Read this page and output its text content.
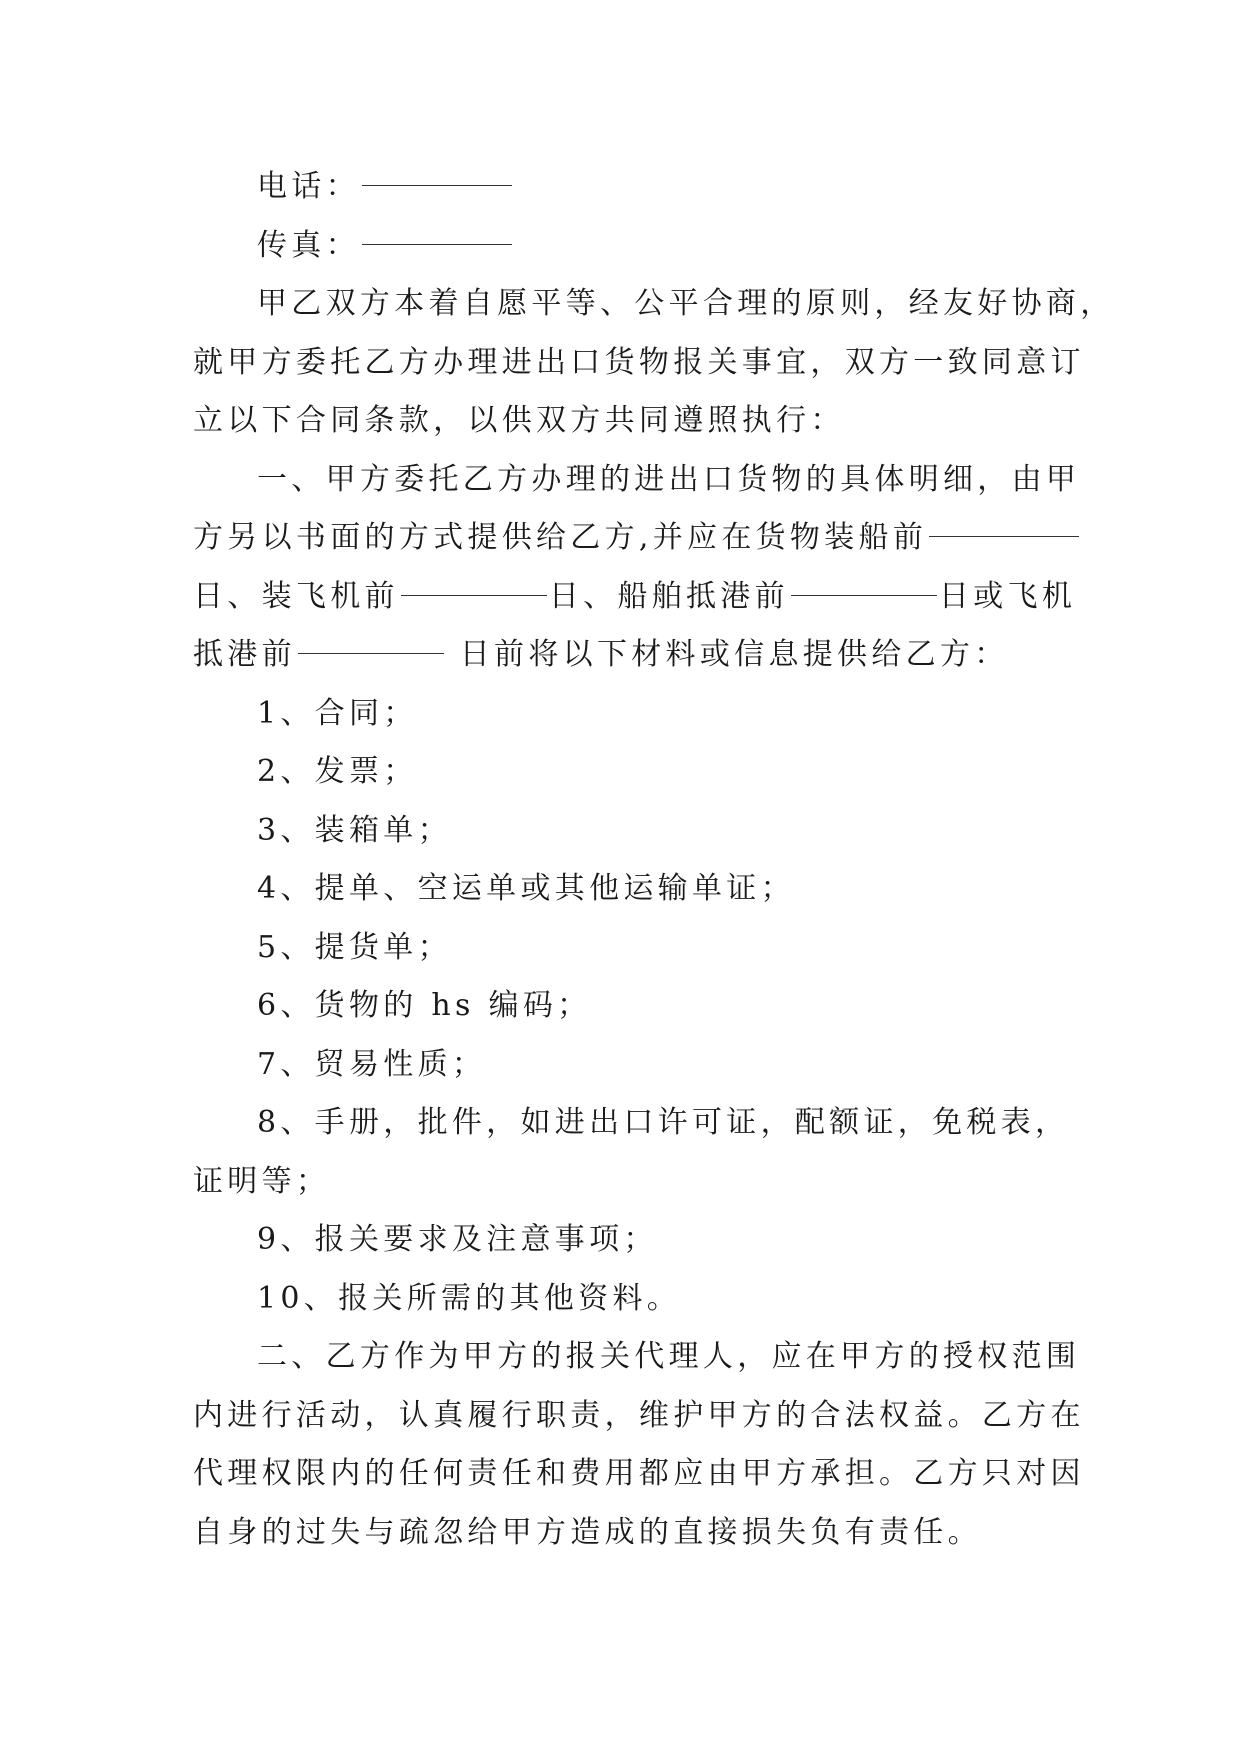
电话：
传真：
甲乙双方本着自愿平等、公平合理的原则，经友好协商，
就甲方委托乙方办理进出口货物报关事宜，双方一致同意订
立以下合同条款，以供双方共同遵照执行：
一、甲方委托乙方办理的进出口货物的具体明细，由甲
方另以书面的方式提供给乙方,并应在货物装船前
日、装飞机前	日、船舶抵港前	日或飞机
抵港前	日前将以下材料或信息提供给乙方：
1、合同；
2、发票；
3、装箱单；
4、提单、空运单或其他运输单证；
5、提货单；
6、货物的 hs 编码；
7、贸易性质；
8、手册，批件，如进出口许可证，配额证，免税表，
证明等；
9、报关要求及注意事项；
10、报关所需的其他资料。
二、乙方作为甲方的报关代理人，应在甲方的授权范围
内进行活动，认真履行职责，维护甲方的合法权益。乙方在
代理权限内的任何责任和费用都应由甲方承担。乙方只对因
自身的过失与疏忽给甲方造成的直接损失负有责任。
